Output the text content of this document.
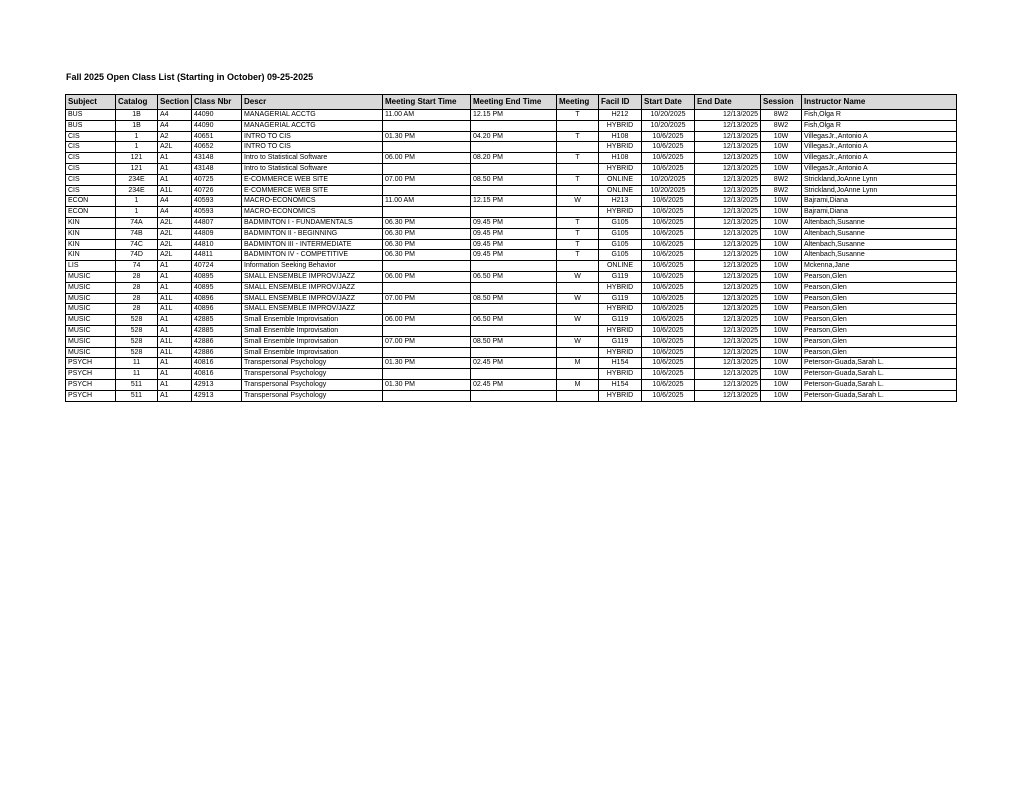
Fall 2025 Open Class List (Starting in October) 09-25-2025
Subject	Catalog	Section	Class Nbr	Descr	Meeting Start Time	Meeting End Time	Meeting	Facil ID	Start Date	End Date	Session	Instructor Name
BUS	1B	A4	44090	MANAGERIAL ACCTG	11.00 AM	12.15 PM	T	H212	10/20/2025	12/13/2025	8W2	Fish,Olga R
BUS	1B	A4	44090	MANAGERIAL ACCTG				HYBRID	10/20/2025	12/13/2025	8W2	Fish,Olga R
CIS	1	A2	40651	INTRO TO CIS	01.30 PM	04.20 PM	T	H108	10/6/2025	12/13/2025	10W	VillegasJr.,Antonio A
CIS	1	A2L	40652	INTRO TO CIS				HYBRID	10/6/2025	12/13/2025	10W	VillegasJr.,Antonio A
CIS	121	A1	43148	Intro to Statistical Software	06.00 PM	08.20 PM	T	H108	10/6/2025	12/13/2025	10W	VillegasJr.,Antonio A
CIS	121	A1	43148	Intro to Statistical Software				HYBRID	10/6/2025	12/13/2025	10W	VillegasJr.,Antonio A
CIS	234E	A1	40725	E-COMMERCE WEB SITE	07.00 PM	08.50 PM	T	ONLINE	10/20/2025	12/13/2025	8W2	Strickland,JoAnne Lynn
CIS	234E	A1L	40726	E-COMMERCE WEB SITE				ONLINE	10/20/2025	12/13/2025	8W2	Strickland,JoAnne Lynn
ECON	1	A4	40593	MACRO-ECONOMICS	11.00 AM	12.15 PM	W	H213	10/6/2025	12/13/2025	10W	Bajrami,Diana
ECON	1	A4	40593	MACRO-ECONOMICS				HYBRID	10/6/2025	12/13/2025	10W	Bajrami,Diana
KIN	74A	A2L	44807	BADMINTON I - FUNDAMENTALS	06.30 PM	09.45 PM	T	G105	10/6/2025	12/13/2025	10W	Altenbach,Susanne
KIN	74B	A2L	44809	BADMINTON II - BEGINNING	06.30 PM	09.45 PM	T	G105	10/6/2025	12/13/2025	10W	Altenbach,Susanne
KIN	74C	A2L	44810	BADMINTON III - INTERMEDIATE	06.30 PM	09.45 PM	T	G105	10/6/2025	12/13/2025	10W	Altenbach,Susanne
KIN	74D	A2L	44811	BADMINTON IV - COMPETITIVE	06.30 PM	09.45 PM	T	G105	10/6/2025	12/13/2025	10W	Altenbach,Susanne
LIS	74	A1	40724	Information Seeking Behavior				ONLINE	10/6/2025	12/13/2025	10W	Mckenna,Jane
MUSIC	28	A1	40895	SMALL ENSEMBLE IMPROV/JAZZ	06.00 PM	06.50 PM	W	G119	10/6/2025	12/13/2025	10W	Pearson,Glen
MUSIC	28	A1	40895	SMALL ENSEMBLE IMPROV/JAZZ				HYBRID	10/6/2025	12/13/2025	10W	Pearson,Glen
MUSIC	28	A1L	40896	SMALL ENSEMBLE IMPROV/JAZZ	07.00 PM	08.50 PM	W	G119	10/6/2025	12/13/2025	10W	Pearson,Glen
MUSIC	28	A1L	40896	SMALL ENSEMBLE IMPROV/JAZZ				HYBRID	10/6/2025	12/13/2025	10W	Pearson,Glen
MUSIC	528	A1	42885	Small Ensemble Improvisation	06.00 PM	06.50 PM	W	G119	10/6/2025	12/13/2025	10W	Pearson,Glen
MUSIC	528	A1	42885	Small Ensemble Improvisation				HYBRID	10/6/2025	12/13/2025	10W	Pearson,Glen
MUSIC	528	A1L	42886	Small Ensemble Improvisation	07.00 PM	08.50 PM	W	G119	10/6/2025	12/13/2025	10W	Pearson,Glen
MUSIC	528	A1L	42886	Small Ensemble Improvisation				HYBRID	10/6/2025	12/13/2025	10W	Pearson,Glen
PSYCH	11	A1	40816	Transpersonal Psychology	01.30 PM	02.45 PM	M	H154	10/6/2025	12/13/2025	10W	Peterson-Guada,Sarah L.
PSYCH	11	A1	40816	Transpersonal Psychology				HYBRID	10/6/2025	12/13/2025	10W	Peterson-Guada,Sarah L.
PSYCH	511	A1	42913	Transpersonal Psychology	01.30 PM	02.45 PM	M	H154	10/6/2025	12/13/2025	10W	Peterson-Guada,Sarah L.
PSYCH	511	A1	42913	Transpersonal Psychology				HYBRID	10/6/2025	12/13/2025	10W	Peterson-Guada,Sarah L.
